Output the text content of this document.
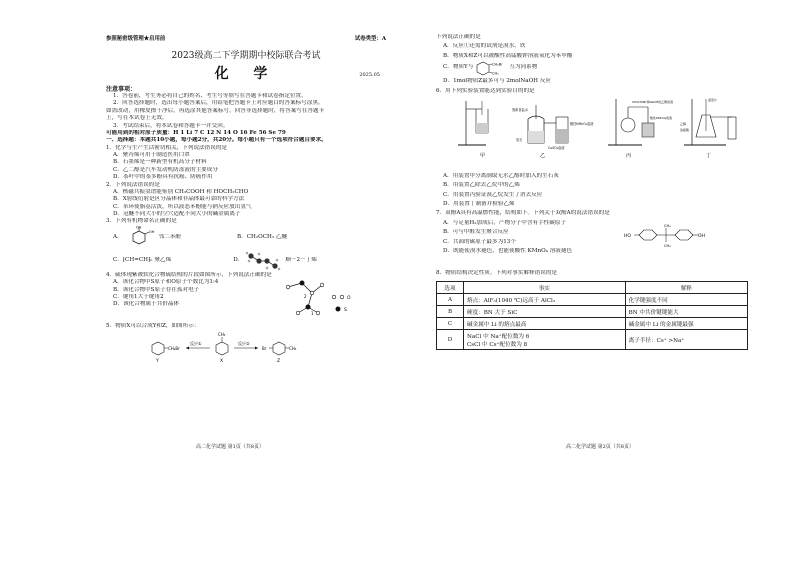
参照秘密级管理★启用前	试卷类型：A
2023级高二下学期期中校际联合考试
化 学	2025.05
注意事项：
1．答卷前，考生务必将自己的姓名、考生号等填写在答题卡和试卷指定位置。
2．回答选择题时，选出每小题答案后，用铅笔把答题卡上对应题目的答案标号涂黑。
如需改动，用橡皮擦干净后，再选涂其他答案标号。回答非选择题时，将答案写在答题卡
上，写在本试卷上无效。
3．考试结束后，将本试卷和答题卡一并交回。
可能用到的相对原子质量：H 1 Li 7 C 12 N 14 O 16 Fe 56 Se 79
一、选择题：本题共10小题，每小题2分，共20分。每小题只有一个选项符合题目要求。
1．化学与生产生活密切相关，下列说法错误的是
A．聚丙烯可用于制造医用口罩
B．石墨烯是一种新型有机高分子材料
C．乙二醇是汽车发动机防冻液的主要成分
D．茶叶中的茶多酚具有抗癌、防癌作用
2．下列说法错误的是
A．核磁共振氢谱能鉴别 CH₃COOH 和 HOCH₂CHO
B．X射线衍射是区分晶体和非晶体最可靠的科学方法
C．革环使脂基活泼，所以液态苯酚能与钠反应放出氢气
D．冠醚不同大小的空穴适配不同大小的碱金属离子
3．下列有机物命名正确的是
A．
OH
OH
邻二苯酚	B．CH₃OCH₃ 乙醚
C．⁅CH=CH⁆ₙ 聚乙烯	D．	顺－2－丁烯
4．硫体现紫被软化合物硫结构的片段如图所示，下列说法正确的是
A．该化合物中S原子和O原子个数比为1:4
B．该化合物中S原子存在孤对电子
C．键角1大于键角2
D．该化合物属于共价晶体
2
1
O
S
5．物质X可以合成Y和Z，如图所示：
CH₂Br
Y
反应①
CH₃
X
反应②
Br	CH₃
Z
高二化学试题 第1页（共8页）
下列说法正确的是
A．反应①还需的试剂是溴水、铁
B．物质X和Z可以被酸性高锰酸钾溶液氧化为苯甲酸
C．物质Y与	CH₂Br
CH₃
互为同系物
D．1mol物质Z最多可与 2molNaOH 反应
6．用下列实验装置能达到实验目的的是
甲
饱和食盐水
电石
CuSO₄溶液
酸性KMnO₄溶液
乙
CH₃CH₂Br和NaOH的乙醇溶液
酸性KMnO₄溶液
丙
温度计
乙醇
浓硫酸
丁
A．用装置甲分离制取无水乙醇时加入的生石灰
B．用装置乙除去乙烷中的乙烯
C．用装置丙验证溴乙烷发生了消去反应
D．用装置丁制备并检验乙烯
7．双酚A具有高温燃性能，结构如下。下列关于双酚A的说法错误的是
A．与足量H₂加成后，产物分子中含有手性碳原子
B．可与甲醛发生聚合反应
C．共面的碳原子最多为13个
D．既能使溴水褪色，也能使酸性 KMnO₄ 溶液褪色
HO
CH₃
CH₃
OH
8．物质结构决定性质。下列对事实解释错误的是
选项	事实	解释
A	熔点：AlF₃(1040 ℃)远高于 AlCl₃	化学键强度不同
B	硬度：BN 大于 SiC	BN 中共价键键能大
C	碱金属中 Li 的熔点最高	碱金属中 Li 的金属键最强
D	NaCl 中 Na⁺配位数为 6
CsCl 中 Cs⁺配位数为 8	离子半径：Cs⁺ >Na⁺
高二化学试题 第2页（共8页）
